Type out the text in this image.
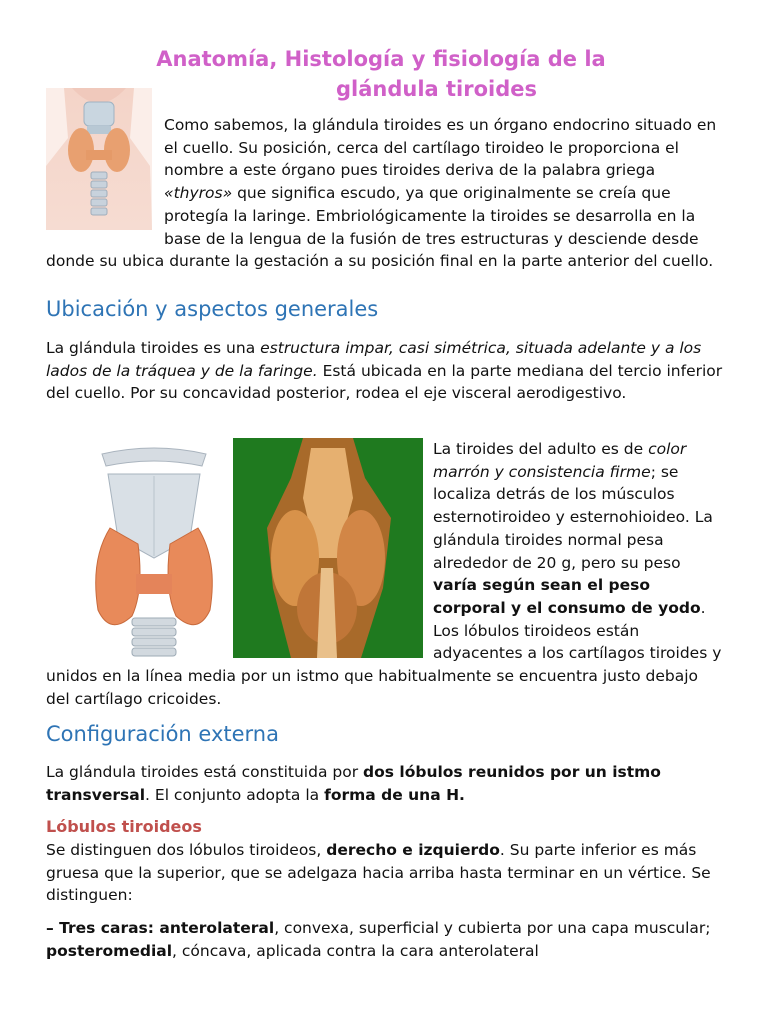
Anatomía, Histología y fisiología de la
glándula tiroides

Como sabemos, la glándula tiroides es un órgano endocrino situado en el cuello. Su posición, cerca del cartílago tiroideo le proporciona el nombre a este órgano pues tiroides deriva de la palabra griega «thyros» que significa escudo, ya que originalmente se creía que protegía la laringe. Embriológicamente la tiroides se desarrolla en la base de la lengua de la fusión de tres estructuras y desciende desde donde su ubica durante la gestación a su posición final en la parte anterior del cuello.

Ubicación y aspectos generales

La glándula tiroides es una estructura impar, casi simétrica, situada adelante y a los lados de la tráquea y de la faringe. Está ubicada en la parte mediana del tercio inferior del cuello. Por su concavidad posterior, rodea el eje visceral aerodigestivo.

La tiroides del adulto es de color marrón y consistencia firme; se localiza detrás de los músculos esternotiroideo y esternohioideo. La glándula tiroides normal pesa alrededor de 20 g, pero su peso varía según sean el peso corporal y el consumo de yodo. Los lóbulos tiroideos están adyacentes a los cartílagos tiroides y unidos en la línea media por un istmo que habitualmente se encuentra justo debajo del cartílago cricoides.

Configuración externa

La glándula tiroides está constituida por dos lóbulos reunidos por un istmo transversal. El conjunto adopta la forma de una H.

Lóbulos tiroideos

Se distinguen dos lóbulos tiroideos, derecho e izquierdo. Su parte inferior es más gruesa que la superior, que se adelgaza hacia arriba hasta terminar en un vértice. Se distinguen:

– Tres caras: anterolateral, convexa, superficial y cubierta por una capa muscular; posteromedial, cóncava, aplicada contra la cara anterolateral
